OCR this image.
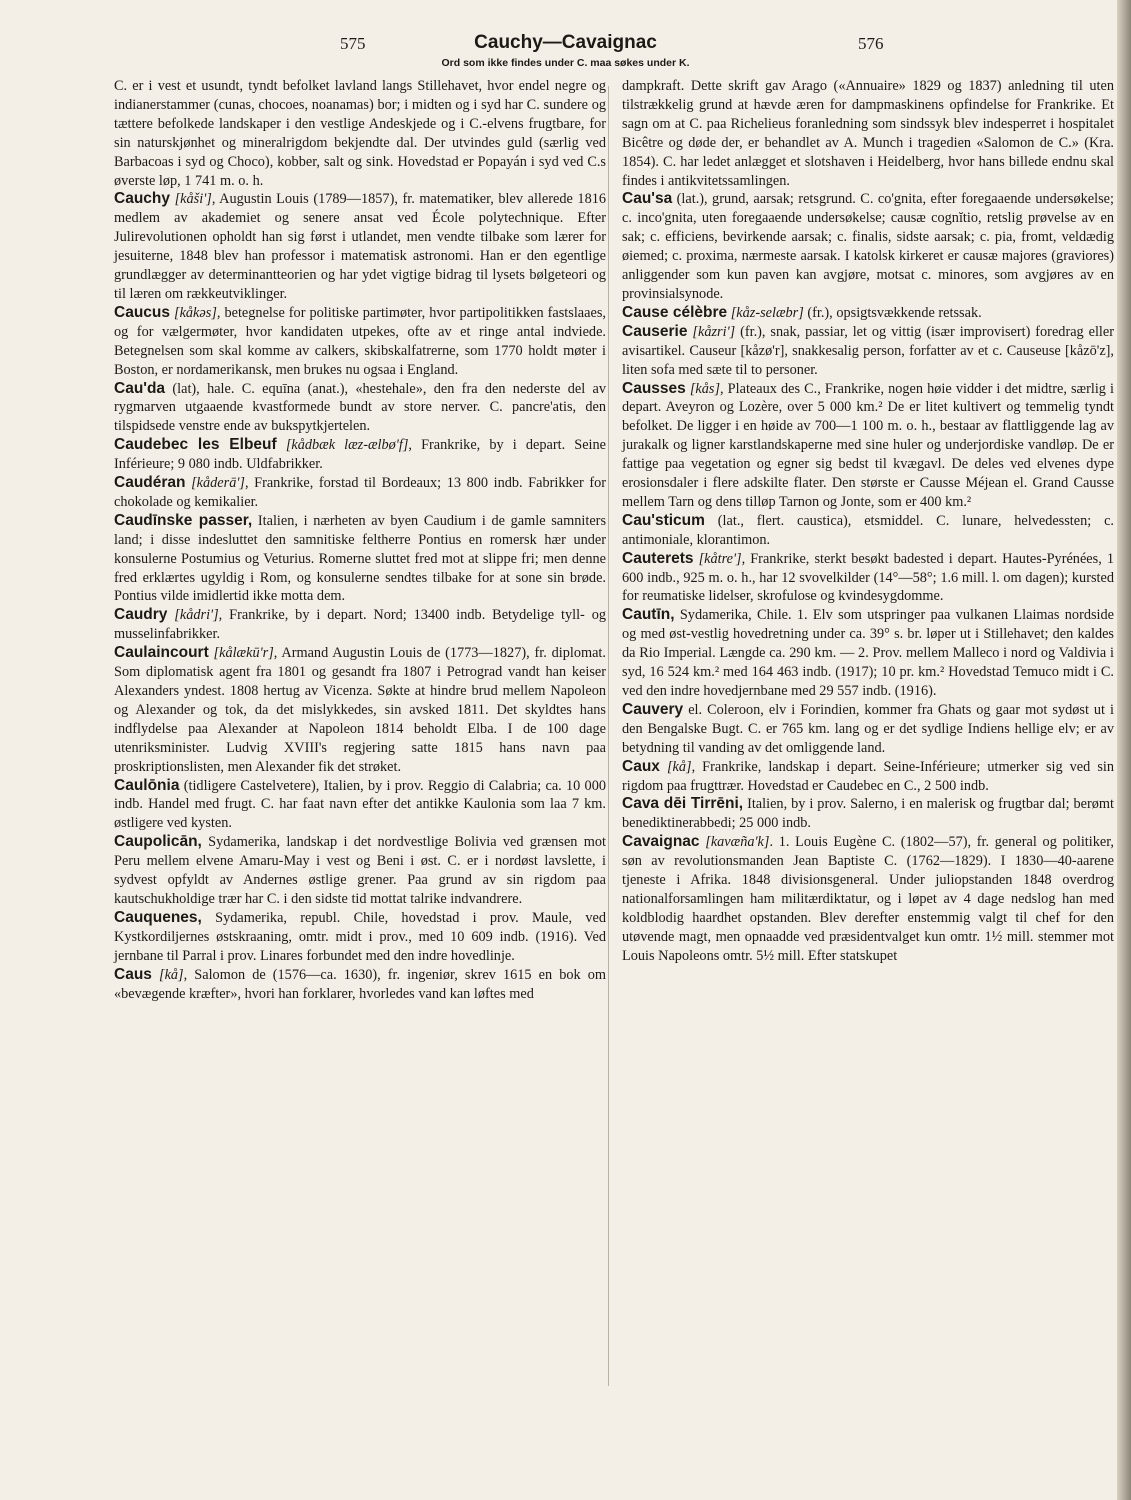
575	Cauchy—Cavaignac	576
Ord som ikke findes under C. maa søkes under K.

C. er i vest et usundt, tyndt befolket lavland langs Stillehavet, hvor endel negre og indianerstammer (cunas, chocoes, noanamas) bor; i midten og i syd har C. sundere og tættere befolkede landskaper i den vestlige Andeskjede og i C.-elvens frugtbare, for sin naturskjønhet og mineralrigdom bekjendte dal. Der utvindes guld (særlig ved Barbacoas i syd og Choco), kobber, salt og sink. Hovedstad er Popayán i syd ved C.s øverste løp, 1 741 m. o. h.

Cauchy [kåši'], Augustin Louis (1789—1857), fr. matematiker, blev allerede 1816 medlem av akademiet og senere ansat ved École polytechnique. Efter Julirevolutionen opholdt han sig først i utlandet, men vendte tilbake som lærer for jesuiterne, 1848 blev han professor i matematisk astronomi. Han er den egentlige grundlægger av determinantteorien og har ydet vigtige bidrag til lysets bølgeteori og til læren om rækkeutviklinger.

Caucus [kåkəs], betegnelse for politiske partimøter, hvor partipolitikken fastslaaes, og for vælgermøter, hvor kandidaten utpekes, ofte av et ringe antal indviede. Betegnelsen som skal komme av calkers, skibskalfatrerne, som 1770 holdt møter i Boston, er nordamerikansk, men brukes nu ogsaa i England.

Cau'da (lat), hale. C. equīna (anat.), «hestehale», den fra den nederste del av rygmarven utgaaende kvastformede bundt av store nerver. C. pancre'atis, den tilspidsede venstre ende av bukspytkjertelen.

Caudebec les Elbeuf [kådbæk læz-ælbø'f], Frankrike, by i depart. Seine Inférieure; 9 080 indb. Uldfabrikker.

Caudéran [kåderā'], Frankrike, forstad til Bordeaux; 13 800 indb. Fabrikker for chokolade og kemikalier.

Caudīnske passer, Italien, i nærheten av byen Caudium i de gamle samniters land; i disse indesluttet den samnitiske feltherre Pontius en romersk hær under konsulerne Postumius og Veturius. Romerne sluttet fred mot at slippe fri; men denne fred erklærtes ugyldig i Rom, og konsulerne sendtes tilbake for at sone sin brøde. Pontius vilde imidlertid ikke motta dem.

Caudry [kådri'], Frankrike, by i depart. Nord; 13400 indb. Betydelige tyll- og musselinfabrikker.

Caulaincourt [kålækū'r], Armand Augustin Louis de (1773—1827), fr. diplomat. Som diplomatisk agent fra 1801 og gesandt fra 1807 i Petrograd vandt han keiser Alexanders yndest. 1808 hertug av Vicenza. Søkte at hindre brud mellem Napoleon og Alexander og tok, da det mislykkedes, sin avsked 1811. Det skyldtes hans indflydelse paa Alexander at Napoleon 1814 beholdt Elba. I de 100 dage utenriksminister. Ludvig XVIII's regjering satte 1815 hans navn paa proskriptionslisten, men Alexander fik det strøket.

Caulōnia (tidligere Castelvetere), Italien, by i prov. Reggio di Calabria; ca. 10 000 indb. Handel med frugt. C. har faat navn efter det antikke Kaulonia som laa 7 km. østligere ved kysten.

Caupolicān, Sydamerika, landskap i det nordvestlige Bolivia ved grænsen mot Peru mellem elvene Amaru-May i vest og Beni i øst. C. er i nordøst lavslette, i sydvest opfyldt av Andernes østlige grener. Paa grund av sin rigdom paa kautschukholdige trær har C. i den sidste tid mottat talrike indvandrere.

Cauquenes, Sydamerika, republ. Chile, hovedstad i prov. Maule, ved Kystkordiljernes østskraaning, omtr. midt i prov., med 10 609 indb. (1916). Ved jernbane til Parral i prov. Linares forbundet med den indre hovedlinje.

Caus [kå], Salomon de (1576—ca. 1630), fr. ingeniør, skrev 1615 en bok om «bevægende kræfter», hvori han forklarer, hvorledes vand kan løftes med

dampkraft. Dette skrift gav Arago («Annuaire» 1829 og 1837) anledning til uten tilstrækkelig grund at hævde æren for dampmaskinens opfindelse for Frankrike. Et sagn om at C. paa Richelieus foranledning som sindssyk blev indesperret i hospitalet Bicêtre og døde der, er behandlet av A. Munch i tragedien «Salomon de C.» (Kra. 1854). C. har ledet anlægget et slotshaven i Heidelberg, hvor hans billede endnu skal findes i antikvitetssamlingen.

Cau'sa (lat.), grund, aarsak; retsgrund. C. co'gnita, efter foregaaende undersøkelse; c. inco'gnita, uten foregaaende undersøkelse; causæ cognĭtio, retslig prøvelse av en sak; c. efficiens, bevirkende aarsak; c. finalis, sidste aarsak; c. pia, fromt, veldædig øiemed; c. proxima, nærmeste aarsak. I katolsk kirkeret er causæ majores (graviores) anliggender som kun paven kan avgjøre, motsat c. minores, som avgjøres av en provinsialsynode.

Cause célèbre [kåz-selæbr] (fr.), opsigtsvækkende retssak.

Causerie [kåzri'] (fr.), snak, passiar, let og vittig (især improvisert) foredrag eller avisartikel. Causeur [kåzø'r], snakkesalig person, forfatter av et c. Causeuse [kåzō'z], liten sofa med sæte til to personer.

Causses [kås], Plateaux des C., Frankrike, nogen høie vidder i det midtre, særlig i depart. Aveyron og Lozère, over 5 000 km.² De er litet kultivert og temmelig tyndt befolket. De ligger i en høide av 700—1 100 m. o. h., bestaar av flattliggende lag av jurakalk og ligner karstlandskaperne med sine huler og underjordiske vandløp. De er fattige paa vegetation og egner sig bedst til kvægavl. De deles ved elvenes dype erosionsdaler i flere adskilte flater. Den største er Causse Méjean el. Grand Causse mellem Tarn og dens tilløp Tarnon og Jonte, som er 400 km.²

Cau'sticum (lat., flert. caustica), etsmiddel. C. lunare, helvedessten; c. antimoniale, klorantimon.

Cauterets [kåtre'], Frankrike, sterkt besøkt badested i depart. Hautes-Pyrénées, 1 600 indb., 925 m. o. h., har 12 svovelkilder (14°—58°; 1.6 mill. l. om dagen); kursted for reumatiske lidelser, skrofulose og kvindesygdomme.

Cautīn, Sydamerika, Chile. 1. Elv som utspringer paa vulkanen Llaimas nordside og med øst-vestlig hovedretning under ca. 39° s. br. løper ut i Stillehavet; den kaldes da Rio Imperial. Længde ca. 290 km. — 2. Prov. mellem Malleco i nord og Valdivia i syd, 16 524 km.² med 164 463 indb. (1917); 10 pr. km.² Hovedstad Temuco midt i C. ved den indre hovedjernbane med 29 557 indb. (1916).

Cauvery el. Coleroon, elv i Forindien, kommer fra Ghats og gaar mot sydøst ut i den Bengalske Bugt. C. er 765 km. lang og er det sydlige Indiens hellige elv; er av betydning til vanding av det omliggende land.

Caux [kå], Frankrike, landskap i depart. Seine-Inférieure; utmerker sig ved sin rigdom paa frugttrær. Hovedstad er Caudebec en C., 2 500 indb.

Cava dēi Tirrēni, Italien, by i prov. Salerno, i en malerisk og frugtbar dal; berømt benediktinerabbedi; 25 000 indb.

Cavaignac [kavæña'k]. 1. Louis Eugène C. (1802—57), fr. general og politiker, søn av revolutionsmanden Jean Baptiste C. (1762—1829). I 1830—40-aarene tjeneste i Afrika. 1848 divisionsgeneral. Under juliopstanden 1848 overdrog nationalforsamlingen ham militærdiktatur, og i løpet av 4 dage nedslog han med koldblodig haardhet opstanden. Blev derefter enstemmig valgt til chef for den utøvende magt, men opnaadde ved præsidentvalget kun omtr. 1½ mill. stemmer mot Louis Napoleons omtr. 5½ mill. Efter statskupet
